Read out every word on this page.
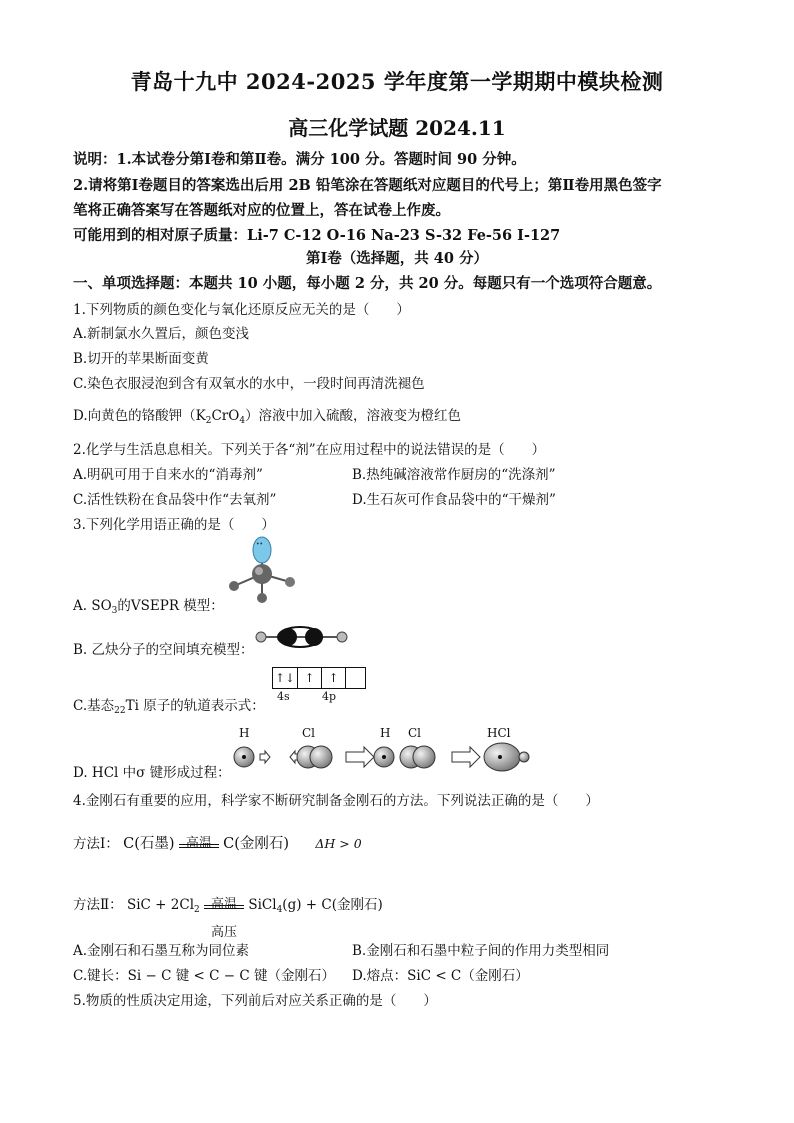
青岛十九中 2024-2025 学年度第一学期期中模块检测
高三化学试题 2024.11
说明：1.本试卷分第Ⅰ卷和第Ⅱ卷。满分 100 分。答题时间 90 分钟。
2.请将第Ⅰ卷题目的答案选出后用 2B 铅笔涂在答题纸对应题目的代号上；第Ⅱ卷用黑色签字
笔将正确答案写在答题纸对应的位置上，答在试卷上作废。
可能用到的相对原子质量：Li-7 C-12 O-16 Na-23 S-32 Fe-56 I-127
第Ⅰ卷（选择题，共 40 分）
一、单项选择题：本题共 10 小题，每小题 2 分，共 20 分。每题只有一个选项符合题意。
1.下列物质的颜色变化与氧化还原反应无关的是（　　）
A.新制氯水久置后，颜色变浅
B.切开的苹果断面变黄
C.染色衣服浸泡到含有双氧水的水中，一段时间再清洗褪色
D.向黄色的铬酸钾$(K_2CrO_4)$溶液中加入硫酸，溶液变为橙红色
2.化学与生活息息相关。下列关于各“剂”在应用过程中的说法错误的是（　　）
A.明矾可用于自来水的“消毒剂”	B.热纯碱溶液常作厨房的“洗涤剂”
C.活性铁粉在食品袋中作“去氧剂”	D.生石灰可作食品袋中的“干燥剂”
3.下列化学用语正确的是（　　）
••
A. $SO_3$的VSEPR 模型：
B. 乙炔分子的空间填充模型：
↑↓ ↑	↑
4s	4p
C.基态$_{22}$Ti 原子的轨道表示式：
H	Cl	H Cl	HCl
D. HCl 中σ 键形成过程：
4.金刚石有重要的应用，科学家不断研究制备金刚石的方法。下列说法正确的是（　　）
方法Ⅰ： C(石墨) 高温 C(金刚石) ΔH > 0
方法Ⅱ： SiC + $2Cl_2$ 高温
高压
SiCl$_4$(g) + C(金刚石)
A.金刚石和石墨互称为同位素	B.金刚石和石墨中粒子间的作用力类型相同
C.键长：Si − C 键 < C − C 键（金刚石） D.熔点：SiC < C（金刚石）
5.物质的性质决定用途，下列前后对应关系正确的是（　　）
